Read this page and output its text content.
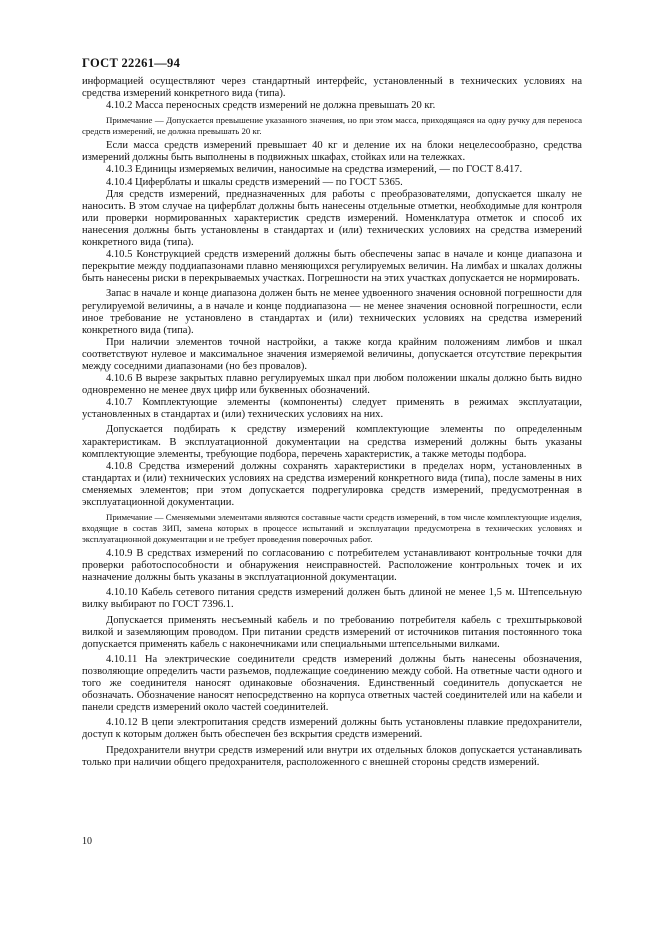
ГОСТ 22261—94

информацией осуществляют через стандартный интерфейс, установленный в технических условиях на средства измерений конкретного вида (типа).

4.10.2 Масса переносных средств измерений не должна превышать 20 кг.

Примечание — Допускается превышение указанного значения, но при этом масса, приходящаяся на одну ручку для переноса средств измерений, не должна превышать 20 кг.

Если масса средств измерений превышает 40 кг и деление их на блоки нецелесообразно, средства измерений должны быть выполнены в подвижных шкафах, стойках или на тележках.

4.10.3 Единицы измеряемых величин, наносимые на средства измерений, — по ГОСТ 8.417.

4.10.4 Циферблаты и шкалы средств измерений — по ГОСТ 5365.

Для средств измерений, предназначенных для работы с преобразователями, допускается шкалу не наносить. В этом случае на циферблат должны быть нанесены отдельные отметки, необходимые для контроля или проверки нормированных характеристик средств измерений. Номенклатура отметок и способ их нанесения должны быть установлены в стандартах и (или) технических условиях на средства измерений конкретного вида (типа).

4.10.5 Конструкцией средств измерений должны быть обеспечены запас в начале и конце диапазона и перекрытие между поддиапазонами плавно меняющихся регулируемых величин. На лимбах и шкалах должны быть нанесены риски в перекрываемых участках. Погрешности на этих участках допускается не нормировать.

Запас в начале и конце диапазона должен быть не менее удвоенного значения основной погрешности для регулируемой величины, а в начале и конце поддиапазона — не менее значения основной погрешности, если иное требование не установлено в стандартах и (или) технических условиях на средства измерений конкретного вида (типа).

При наличии элементов точной настройки, а также когда крайним положениям лимбов и шкал соответствуют нулевое и максимальное значения измеряемой величины, допускается отсутствие перекрытия между соседними диапазонами (но без провалов).

4.10.6 В вырезе закрытых плавно регулируемых шкал при любом положении шкалы должно быть видно одновременно не менее двух цифр или буквенных обозначений.

4.10.7 Комплектующие элементы (компоненты) следует применять в режимах эксплуатации, установленных в стандартах и (или) технических условиях на них.

Допускается подбирать к средству измерений комплектующие элементы по определенным характеристикам. В эксплуатационной документации на средства измерений должны быть указаны комплектующие элементы, требующие подбора, перечень характеристик, а также методы подбора.

4.10.8 Средства измерений должны сохранять характеристики в пределах норм, установленных в стандартах и (или) технических условиях на средства измерений конкретного вида (типа), после замены в них сменяемых элементов; при этом допускается подрегулировка средств измерений, предусмотренная в эксплуатационной документации.

Примечание — Сменяемыми элементами являются составные части средств измерений, в том числе комплектующие изделия, входящие в состав ЗИП, замена которых в процессе испытаний и эксплуатации предусмотрена в технических условиях и эксплуатационной документации и не требует проведения поверочных работ.

4.10.9 В средствах измерений по согласованию с потребителем устанавливают контрольные точки для проверки работоспособности и обнаружения неисправностей. Расположение контрольных точек и их назначение должны быть указаны в эксплуатационной документации.

4.10.10 Кабель сетевого питания средств измерений должен быть длиной не менее 1,5 м. Штепсельную вилку выбирают по ГОСТ 7396.1.

Допускается применять несъемный кабель и по требованию потребителя кабель с трехштырьковой вилкой и заземляющим проводом. При питании средств измерений от источников питания постоянного тока допускается применять кабель с наконечниками или специальными штепсельными вилками.

4.10.11 На электрические соединители средств измерений должны быть нанесены обозначения, позволяющие определить части разъемов, подлежащие соединению между собой. На ответные части одного и того же соединителя наносят одинаковые обозначения. Единственный соединитель допускается не обозначать. Обозначение наносят непосредственно на корпуса ответных частей соединителей или на кабели и панели средств измерений около частей соединителей.

4.10.12 В цепи электропитания средств измерений должны быть установлены плавкие предохранители, доступ к которым должен быть обеспечен без вскрытия средств измерений.

Предохранители внутри средств измерений или внутри их отдельных блоков допускается устанавливать только при наличии общего предохранителя, расположенного с внешней стороны средств измерений.

10
